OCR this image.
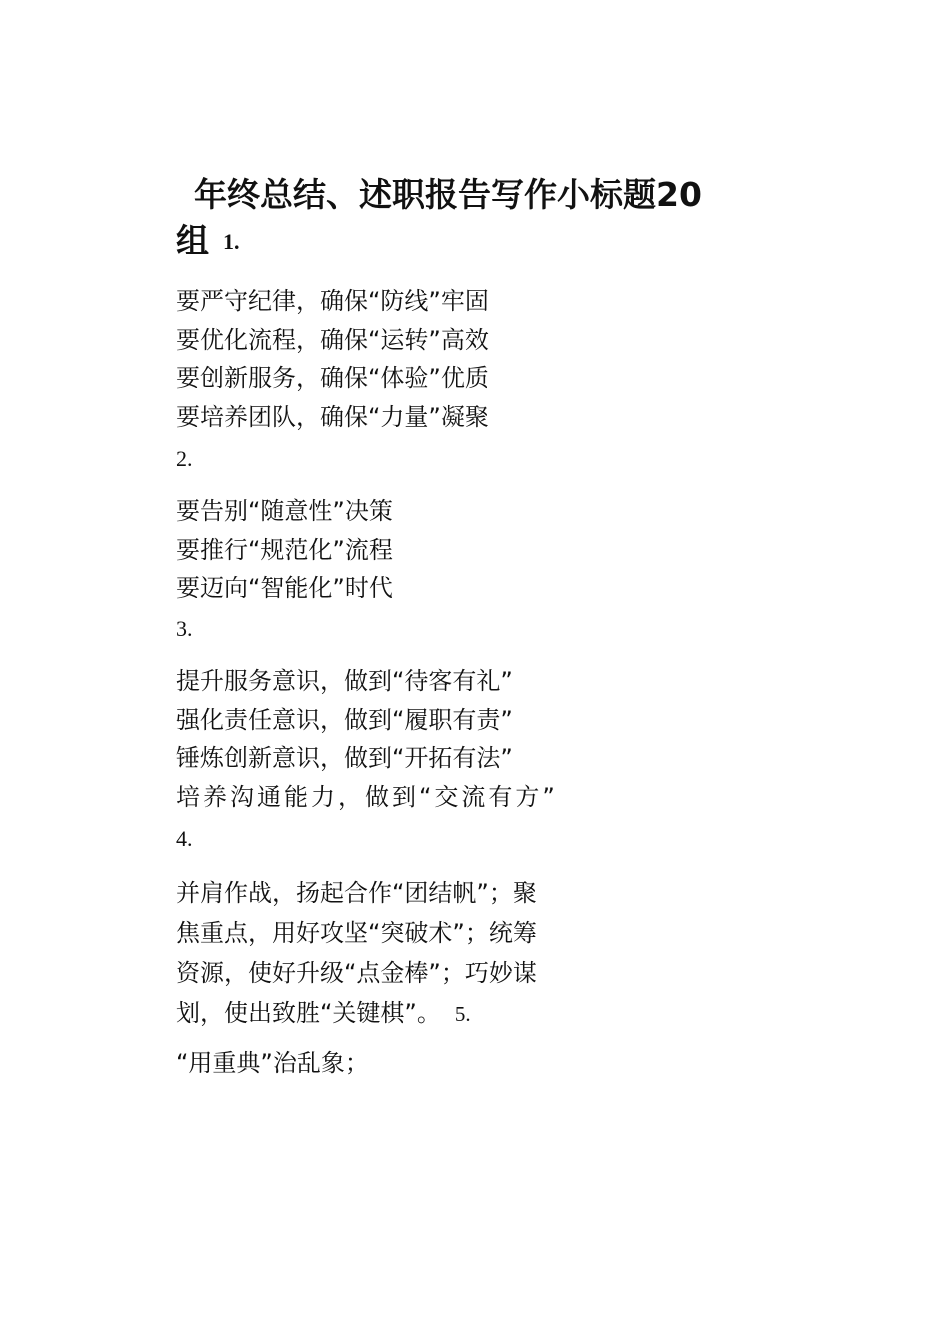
年终总结、述职报告写作小标题20
组 1.
要严守纪律，确保“防线”牢固
要优化流程，确保“运转”高效
要创新服务，确保“体验”优质
要培养团队，确保“力量”凝聚
2.
要告别“随意性”决策
要推行“规范化”流程
要迈向“智能化”时代
3.
提升服务意识，做到“待客有礼”
强化责任意识，做到“履职有责”
锤炼创新意识，做到“开拓有法”
培养沟通能力，做到“交流有方”
4.
并肩作战，扬起合作“团结帆”；聚
焦重点，用好攻坚“突破术”；统筹
资源，使好升级“点金棒”；巧妙谋
划，使出致胜“关键棋”。 5.
“用重典”治乱象；
